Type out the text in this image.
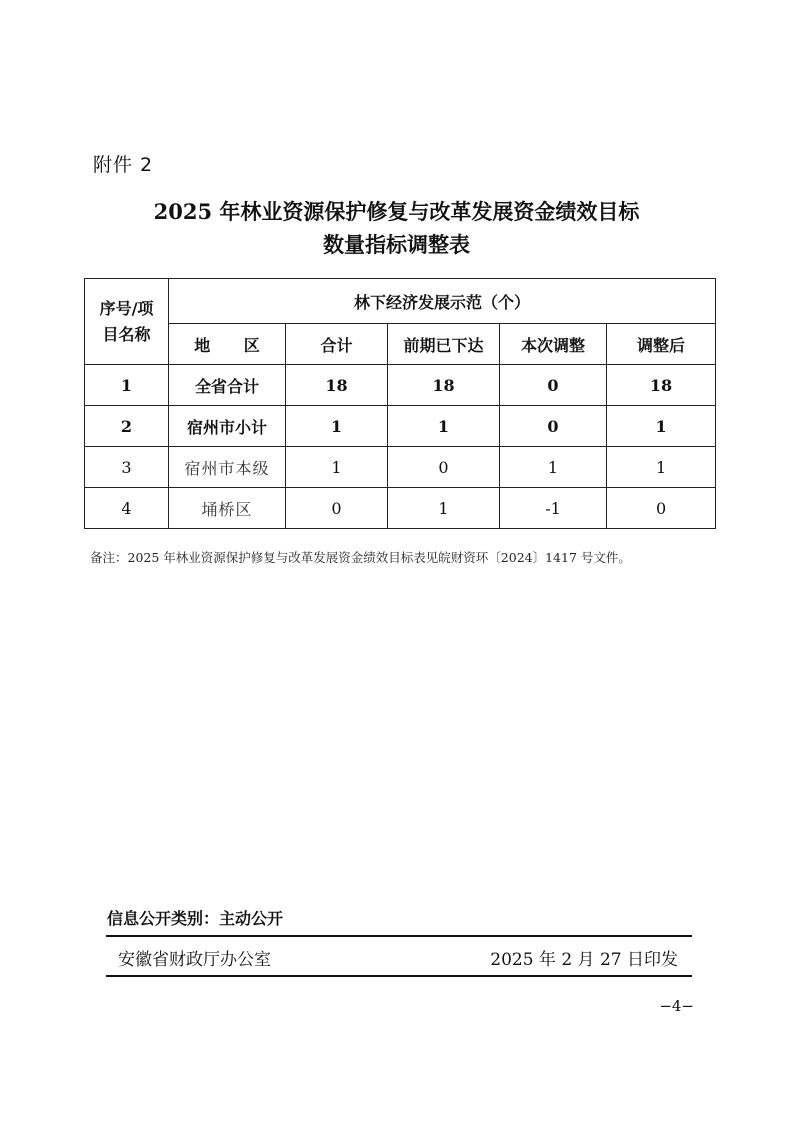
附件 2
2025 年林业资源保护修复与改革发展资金绩效目标
数量指标调整表
序号/项
目名称	林下经济发展示范（个）				
	地 区	合计	前期已下达	本次调整	调整后
1	全省合计	18	18	0	18
2	宿州市小计	1	1	0	1
3	宿州市本级	1	0	1	1
4	埇桥区	0	1	-1	0
备注：2025 年林业资源保护修复与改革发展资金绩效目标表见皖财资环〔2024〕1417 号文件。
信息公开类别：主动公开
安徽省财政厅办公室	2025 年 2 月 27 日印发
−4−
